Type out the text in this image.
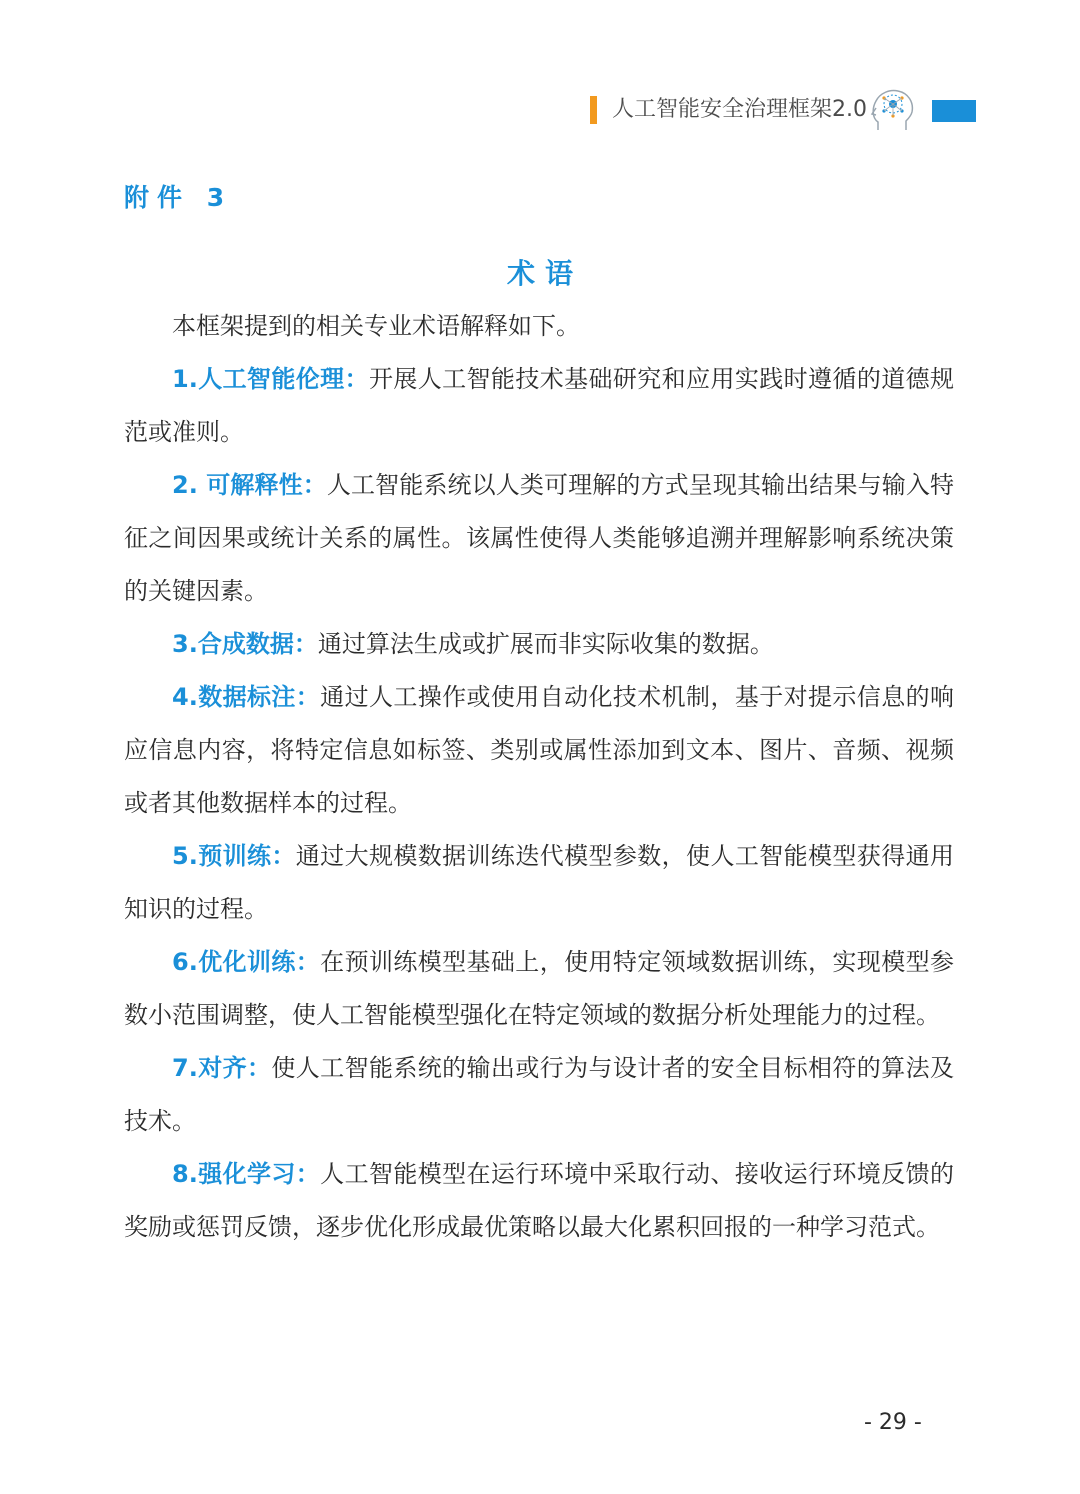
人工智能安全治理框架2.0
附件 3
术语

本框架提到的相关专业术语解释如下。

1.人工智能伦理：开展人工智能技术基础研究和应用实践时遵循的道德规范或准则。

2. 可解释性：人工智能系统以人类可理解的方式呈现其输出结果与输入特征之间因果或统计关系的属性。该属性使得人类能够追溯并理解影响系统决策的关键因素。

3.合成数据：通过算法生成或扩展而非实际收集的数据。

4.数据标注：通过人工操作或使用自动化技术机制，基于对提示信息的响应信息内容，将特定信息如标签、类别或属性添加到文本、图片、音频、视频或者其他数据样本的过程。

5.预训练：通过大规模数据训练迭代模型参数，使人工智能模型获得通用知识的过程。

6.优化训练：在预训练模型基础上，使用特定领域数据训练，实现模型参数小范围调整，使人工智能模型强化在特定领域的数据分析处理能力的过程。

7.对齐：使人工智能系统的输出或行为与设计者的安全目标相符的算法及技术。

8.强化学习：人工智能模型在运行环境中采取行动、接收运行环境反馈的奖励或惩罚反馈，逐步优化形成最优策略以最大化累积回报的一种学习范式。

- 29 -
